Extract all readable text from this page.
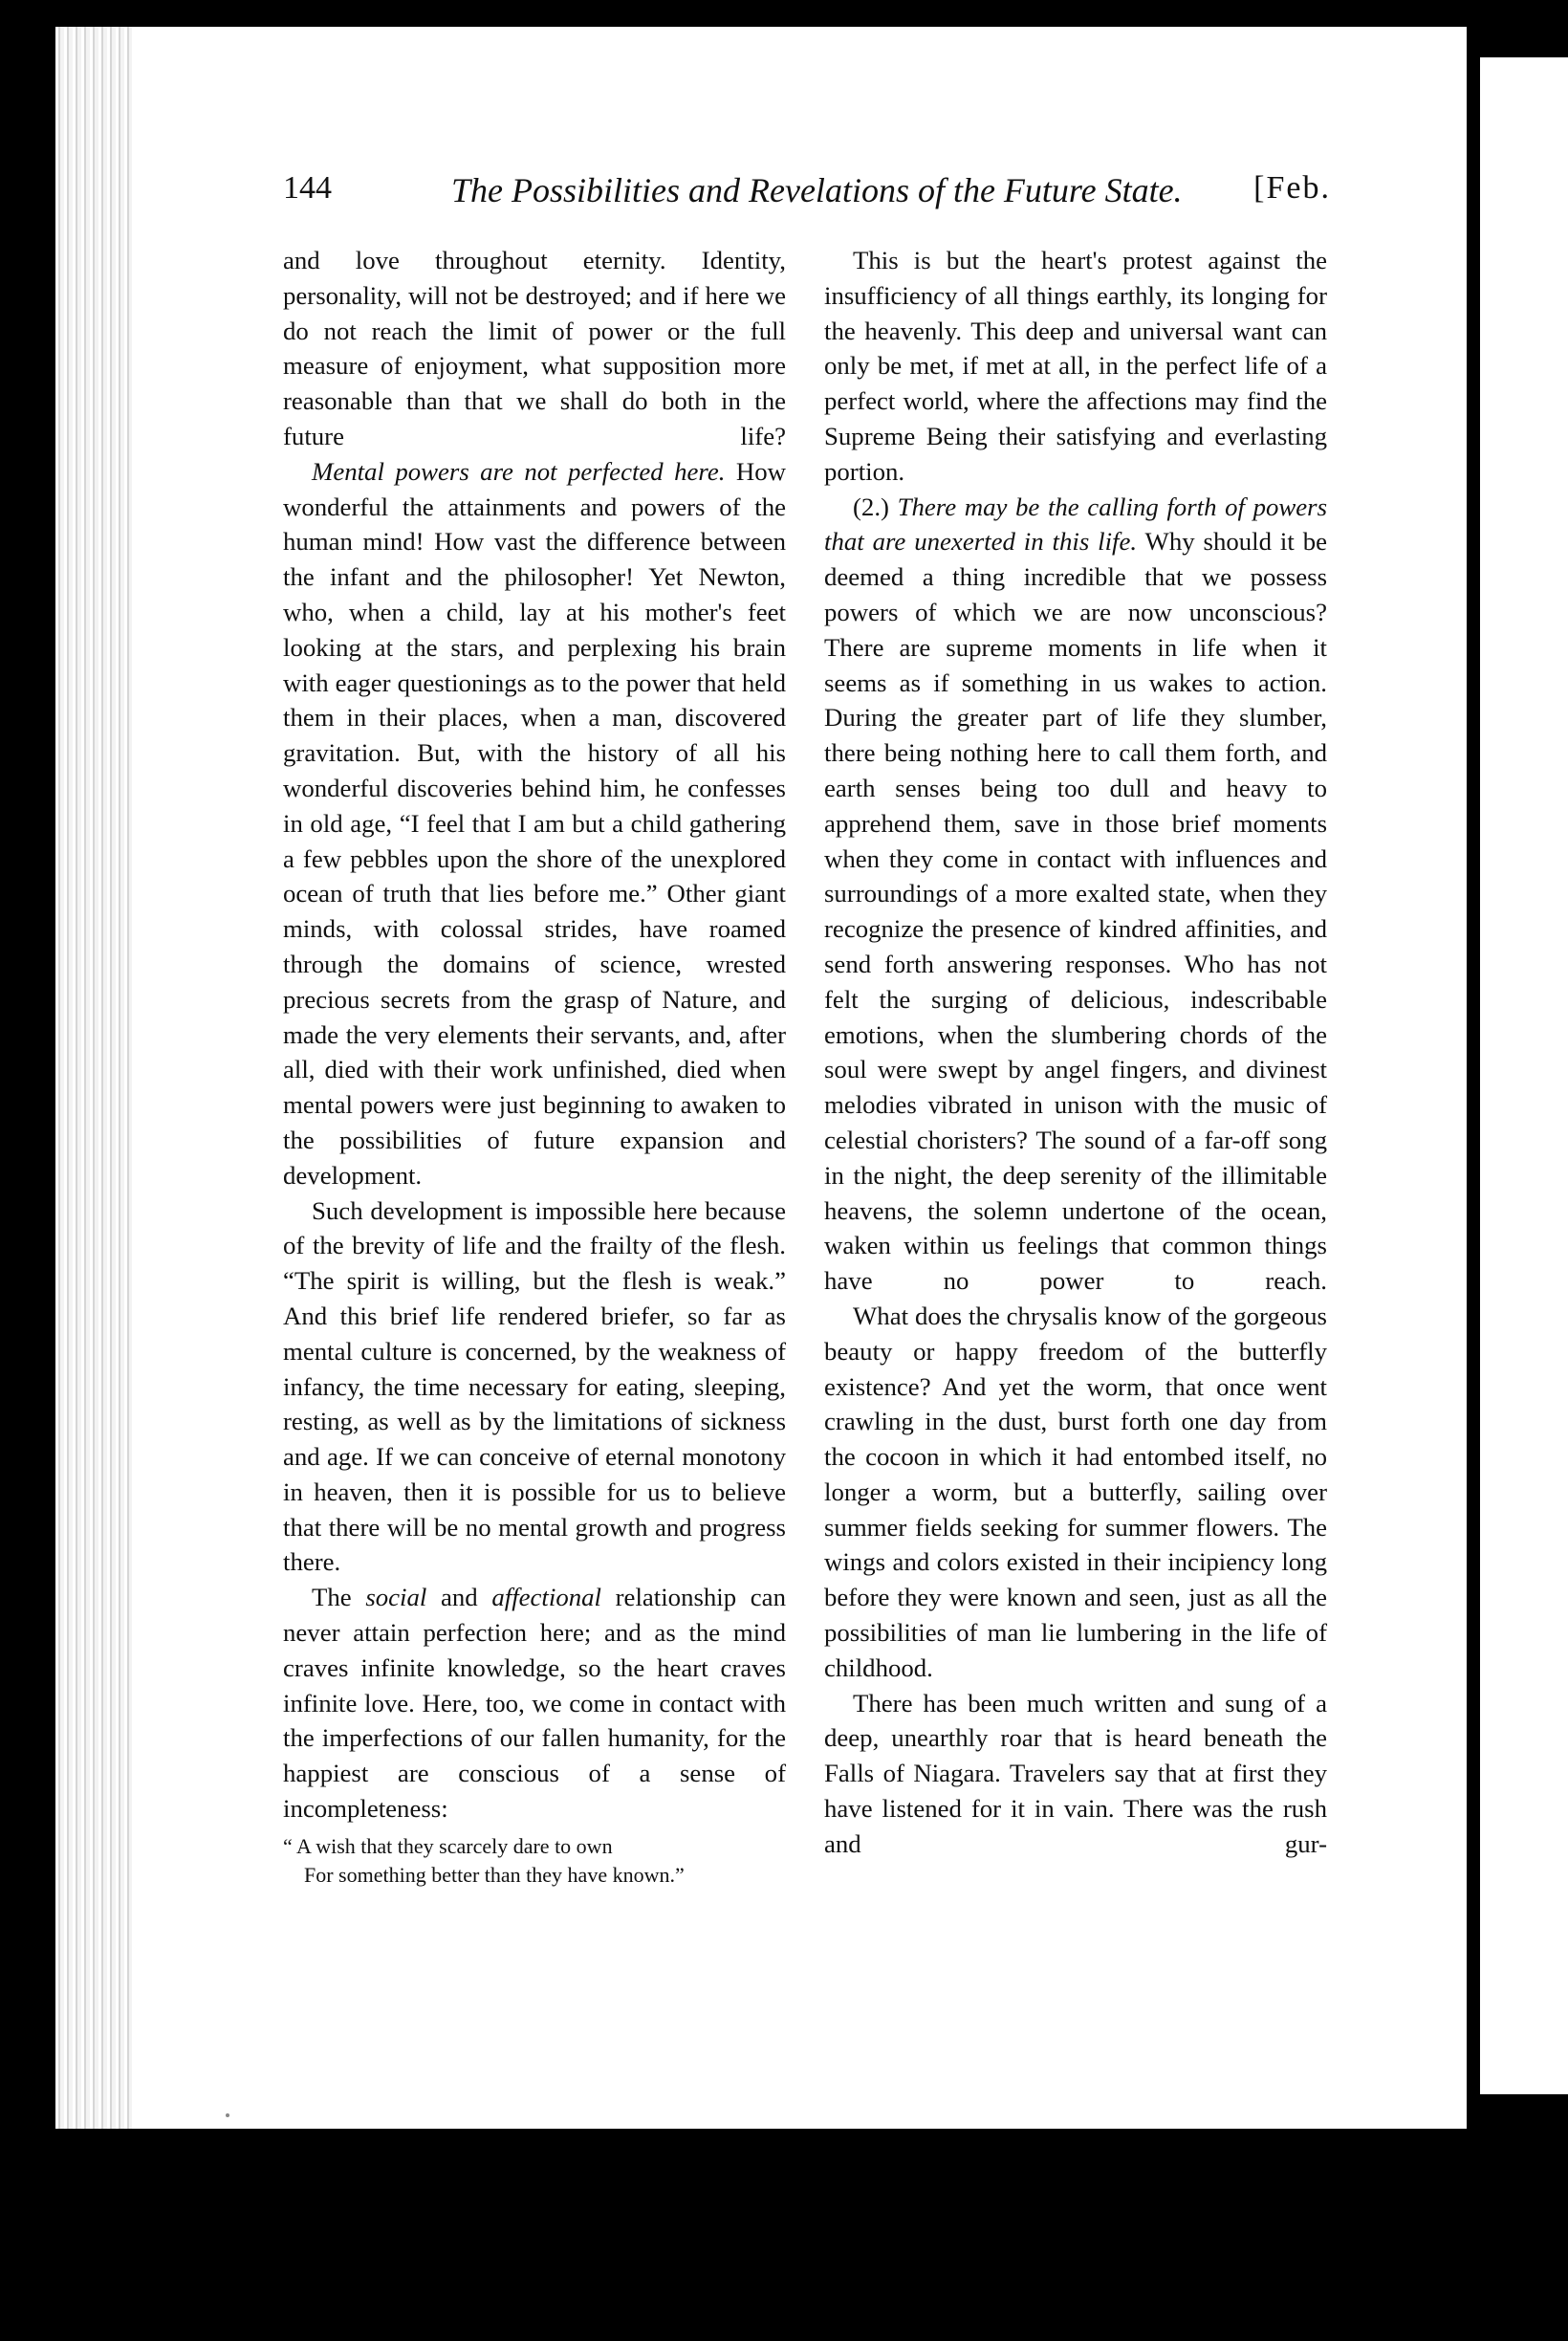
144	The Possibilities and Revelations of the Future State. [Feb.

and love throughout eternity. Identity, personality, will not be destroyed; and if here we do not reach the limit of power or the full measure of enjoyment, what supposition more reasonable than that we shall do both in the future life?

Mental powers are not perfected here. How wonderful the attainments and powers of the human mind! How vast the difference between the infant and the philosopher! Yet Newton, who, when a child, lay at his mother's feet looking at the stars, and perplexing his brain with eager questionings as to the power that held them in their places, when a man, discovered gravitation. But, with the history of all his wonderful discoveries behind him, he confesses in old age, “I feel that I am but a child gathering a few pebbles upon the shore of the unexplored ocean of truth that lies before me.” Other giant minds, with colossal strides, have roamed through the domains of science, wrested precious secrets from the grasp of Nature, and made the very elements their servants, and, after all, died with their work unfinished, died when mental powers were just beginning to awaken to the possibilities of future expansion and development.

Such development is impossible here because of the brevity of life and the frailty of the flesh. “The spirit is willing, but the flesh is weak.” And this brief life rendered briefer, so far as mental culture is concerned, by the weakness of infancy, the time necessary for eating, sleeping, resting, as well as by the limitations of sickness and age. If we can conceive of eternal monotony in heaven, then it is possible for us to believe that there will be no mental growth and progress there.

The social and affectional relationship can never attain perfection here; and as the mind craves infinite knowledge, so the heart craves infinite love. Here, too, we come in contact with the imperfections of our fallen humanity, for the happiest are conscious of a sense of incompleteness:

“ A wish that they scarcely dare to own
For something better than they have known.”

This is but the heart's protest against the insufficiency of all things earthly, its longing for the heavenly. This deep and universal want can only be met, if met at all, in the perfect life of a perfect world, where the affections may find the Supreme Being their satisfying and everlasting portion.

(2.) There may be the calling forth of powers that are unexerted in this life. Why should it be deemed a thing incredible that we possess powers of which we are now unconscious? There are supreme moments in life when it seems as if something in us wakes to action. During the greater part of life they slumber, there being nothing here to call them forth, and earth senses being too dull and heavy to apprehend them, save in those brief moments when they come in contact with influences and surroundings of a more exalted state, when they recognize the presence of kindred affinities, and send forth answering responses. Who has not felt the surging of delicious, indescribable emotions, when the slumbering chords of the soul were swept by angel fingers, and divinest melodies vibrated in unison with the music of celestial choristers? The sound of a far-off song in the night, the deep serenity of the illimitable heavens, the solemn undertone of the ocean, waken within us feelings that common things have no power to reach.

What does the chrysalis know of the gorgeous beauty or happy freedom of the butterfly existence? And yet the worm, that once went crawling in the dust, burst forth one day from the cocoon in which it had entombed itself, no longer a worm, but a butterfly, sailing over summer fields seeking for summer flowers. The wings and colors existed in their incipiency long before they were known and seen, just as all the possibilities of man lie lumbering in the life of childhood.

There has been much written and sung of a deep, unearthly roar that is heard beneath the Falls of Niagara. Travelers say that at first they have listened for it in vain. There was the rush and gur-
